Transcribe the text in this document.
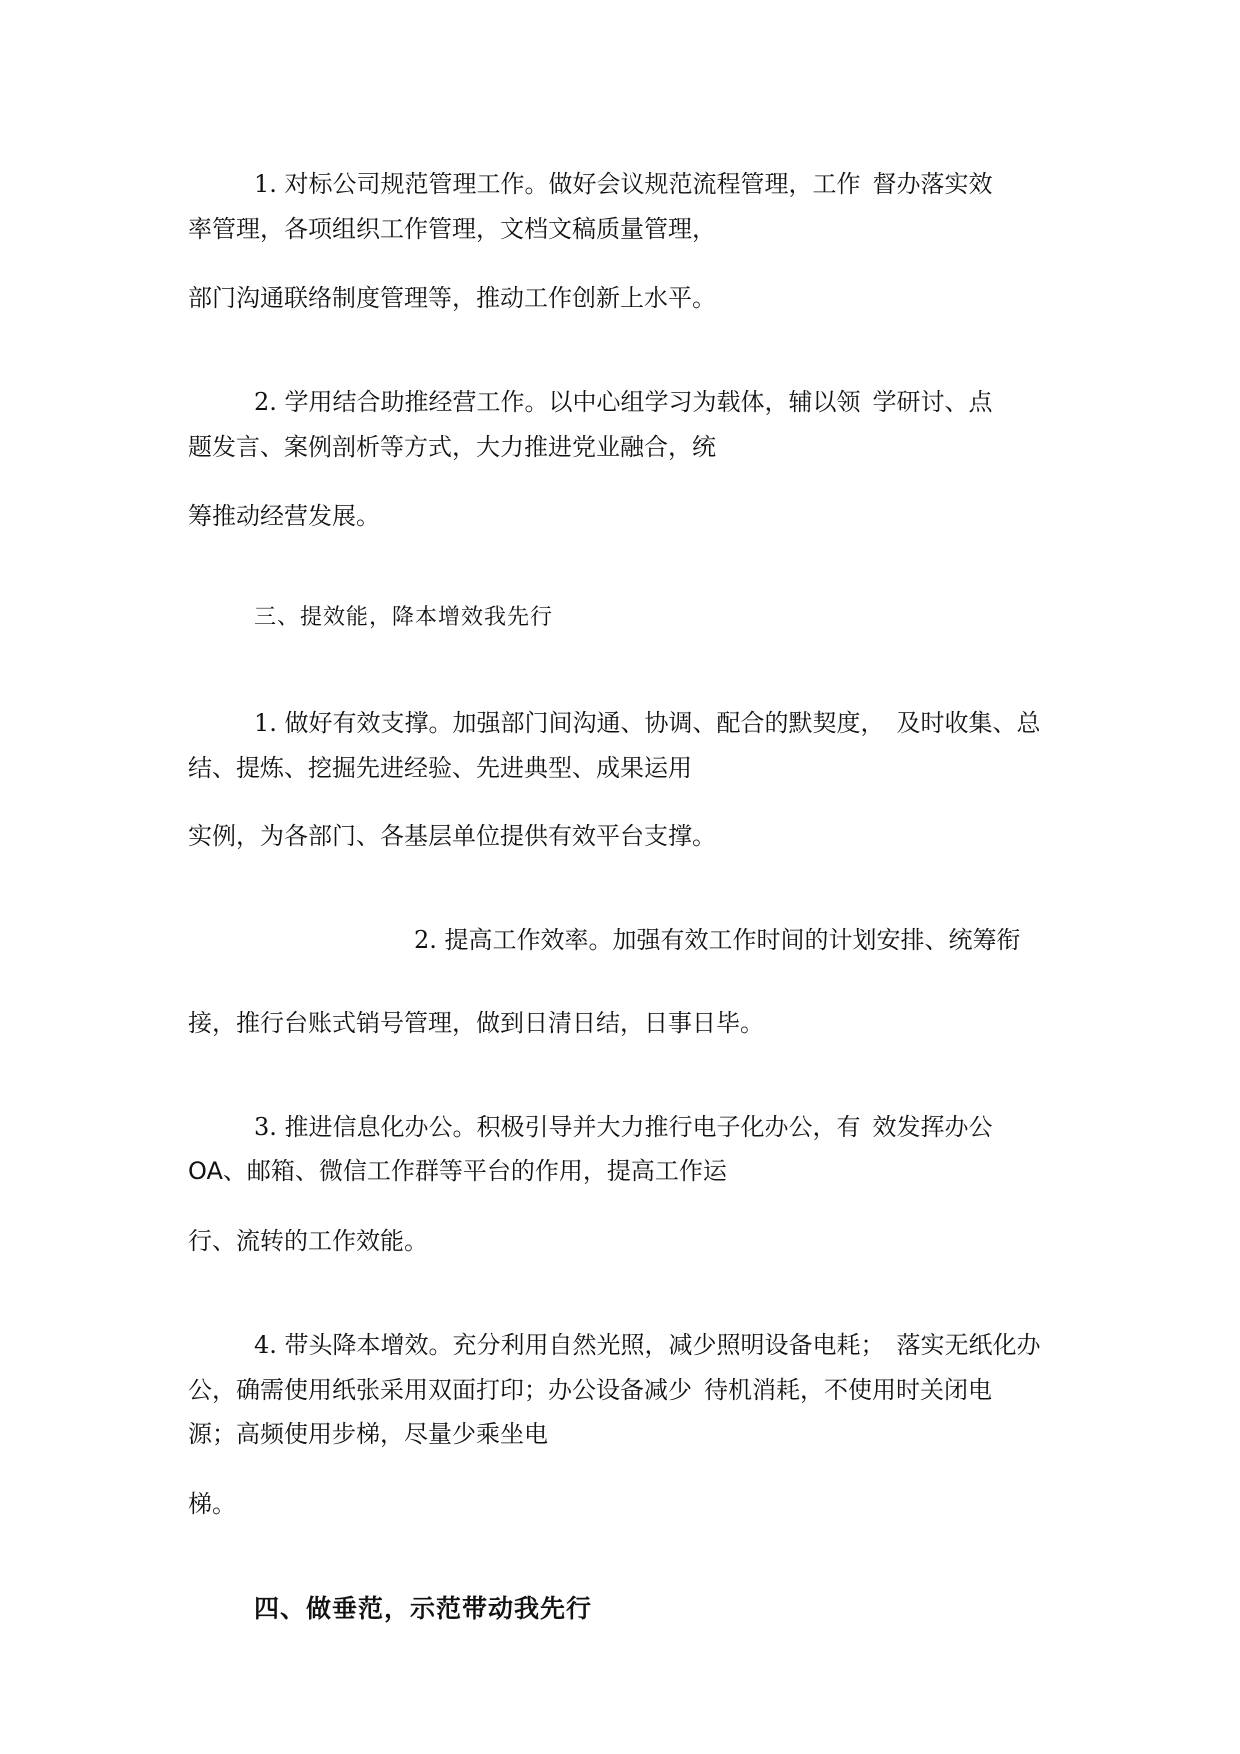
1. 对标公司规范管理工作。做好会议规范流程管理，工作 督办落实效
率管理，各项组织工作管理，文档文稿质量管理，
部门沟通联络制度管理等，推动工作创新上水平。
2. 学用结合助推经营工作。以中心组学习为载体，辅以领 学研讨、点
题发言、案例剖析等方式，大力推进党业融合，统
筹推动经营发展。
三、提效能，降本增效我先行
1. 做好有效支撑。加强部门间沟通、协调、配合的默契度， 及时收集、总
结、提炼、挖掘先进经验、先进典型、成果运用
实例，为各部门、各基层单位提供有效平台支撑。
2. 提高工作效率。加强有效工作时间的计划安排、统筹衔
接，推行台账式销号管理，做到日清日结，日事日毕。
3. 推进信息化办公。积极引导并大力推行电子化办公，有 效发挥办公
OA、邮箱、微信工作群等平台的作用，提高工作运
行、流转的工作效能。
4. 带头降本增效。充分利用自然光照，减少照明设备电耗； 落实无纸化办
公，确需使用纸张采用双面打印；办公设备减少 待机消耗，不使用时关闭电
源；高频使用步梯，尽量少乘坐电
梯。
四、做垂范，示范带动我先行
